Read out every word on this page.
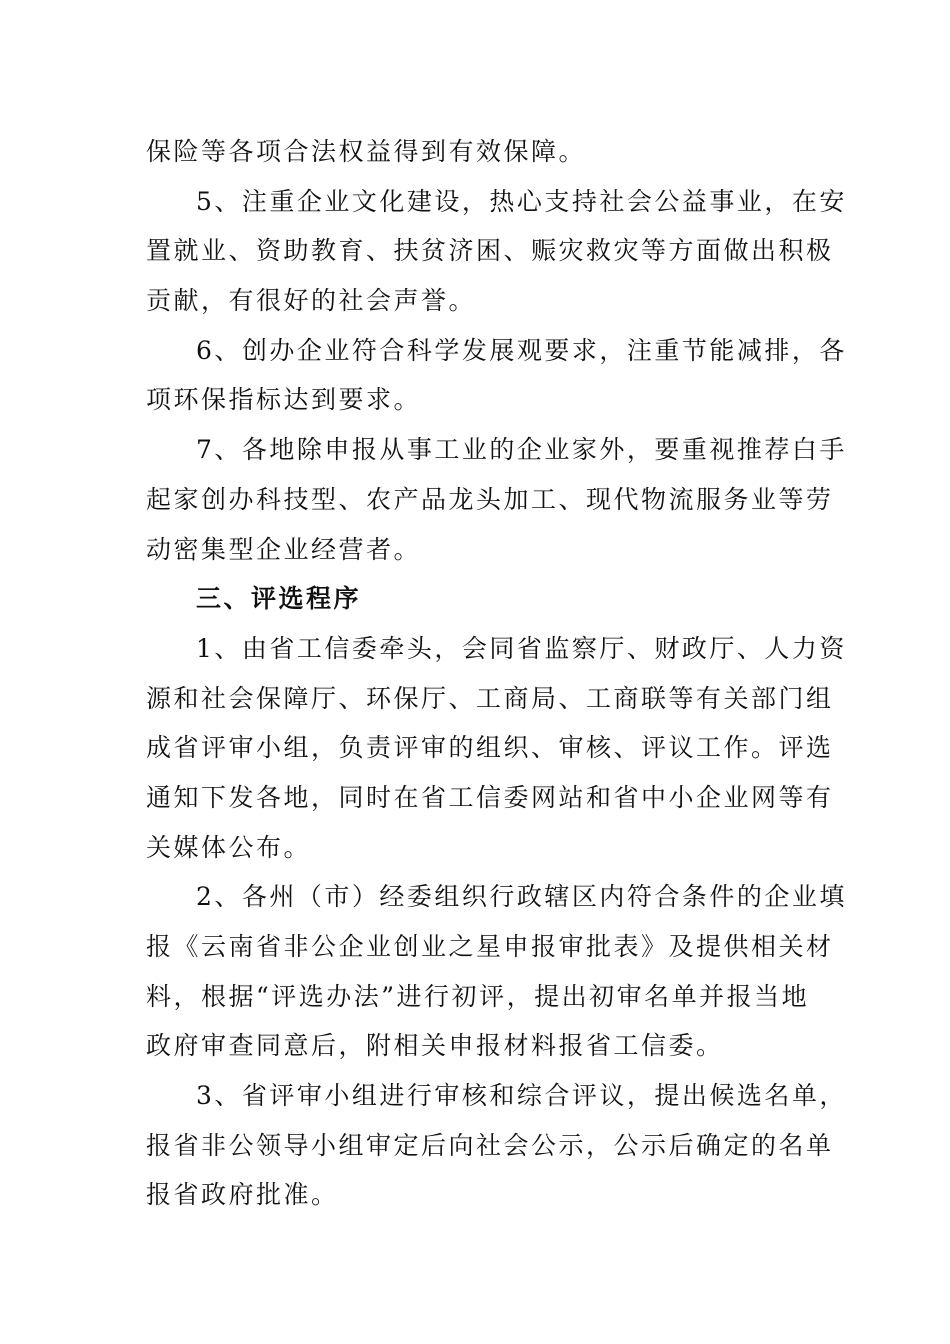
保险等各项合法权益得到有效保障。
5、注重企业文化建设，热心支持社会公益事业，在安
置就业、资助教育、扶贫济困、赈灾救灾等方面做出积极
贡献，有很好的社会声誉。
6、创办企业符合科学发展观要求，注重节能减排，各
项环保指标达到要求。
7、各地除申报从事工业的企业家外，要重视推荐白手
起家创办科技型、农产品龙头加工、现代物流服务业等劳
动密集型企业经营者。
三、评选程序
1、由省工信委牵头，会同省监察厅、财政厅、人力资
源和社会保障厅、环保厅、工商局、工商联等有关部门组
成省评审小组，负责评审的组织、审核、评议工作。评选
通知下发各地，同时在省工信委网站和省中小企业网等有
关媒体公布。
2、各州（市）经委组织行政辖区内符合条件的企业填
报《云南省非公企业创业之星申报审批表》及提供相关材
料，根据“评选办法”进行初评，提出初审名单并报当地
政府审查同意后，附相关申报材料报省工信委。
3、省评审小组进行审核和综合评议，提出候选名单，
报省非公领导小组审定后向社会公示，公示后确定的名单
报省政府批准。
